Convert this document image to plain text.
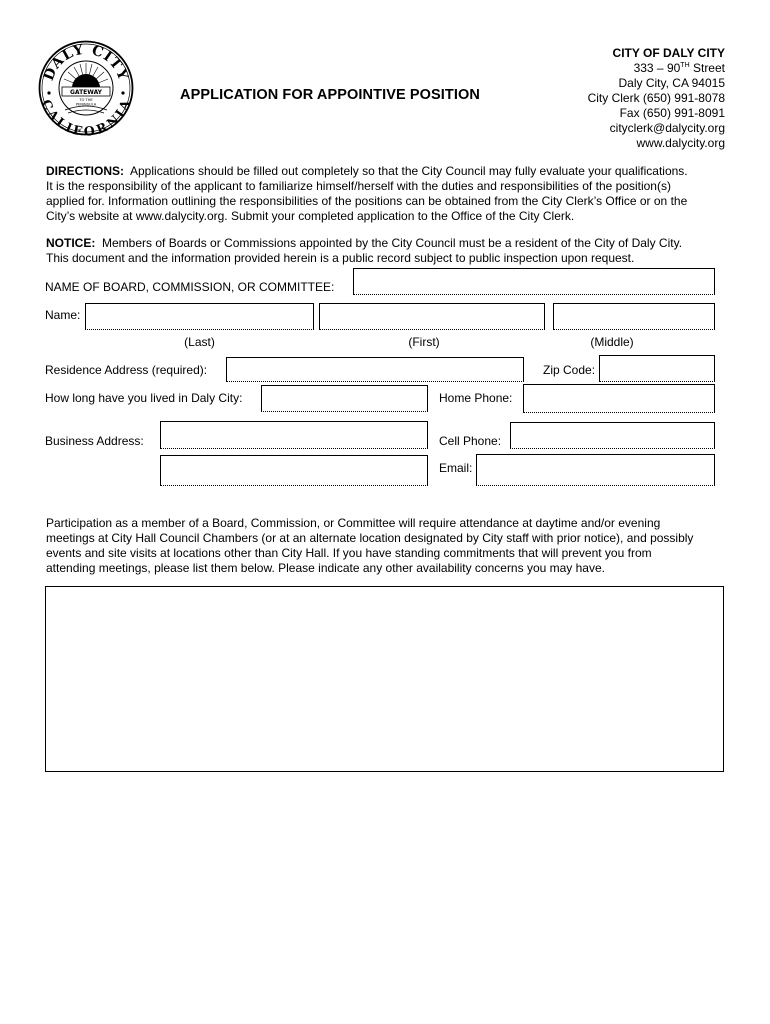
DALY CITY
CALIFORNIA
GATEWAY
TO THE
PENINSULA
APPLICATION FOR APPOINTIVE POSITION
CITY OF DALY CITY
333 – 90TH Street
Daly City, CA 94015
City Clerk (650) 991-8078
Fax (650) 991-8091
cityclerk@dalycity.org
www.dalycity.org
DIRECTIONS:  Applications should be filled out completely so that the City Council may fully evaluate your qualifications.
It is the responsibility of the applicant to familiarize himself/herself with the duties and responsibilities of the position(s)
applied for. Information outlining the responsibilities of the positions can be obtained from the City Clerk’s Office or on the
City’s website at www.dalycity.org. Submit your completed application to the Office of the City Clerk.
NOTICE:  Members of Boards or Commissions appointed by the City Council must be a resident of the City of Daly City.
This document and the information provided herein is a public record subject to public inspection upon request.
NAME OF BOARD, COMMISSION, OR COMMITTEE:
Name:
(Last)	(First)	(Middle)
Residence Address (required):	Zip Code:
How long have you lived in Daly City:	Home Phone:
Business Address:	Cell Phone:
Email:
Participation as a member of a Board, Commission, or Committee will require attendance at daytime and/or evening
meetings at City Hall Council Chambers (or at an alternate location designated by City staff with prior notice), and possibly
events and site visits at locations other than City Hall. If you have standing commitments that will prevent you from
attending meetings, please list them below. Please indicate any other availability concerns you may have.
